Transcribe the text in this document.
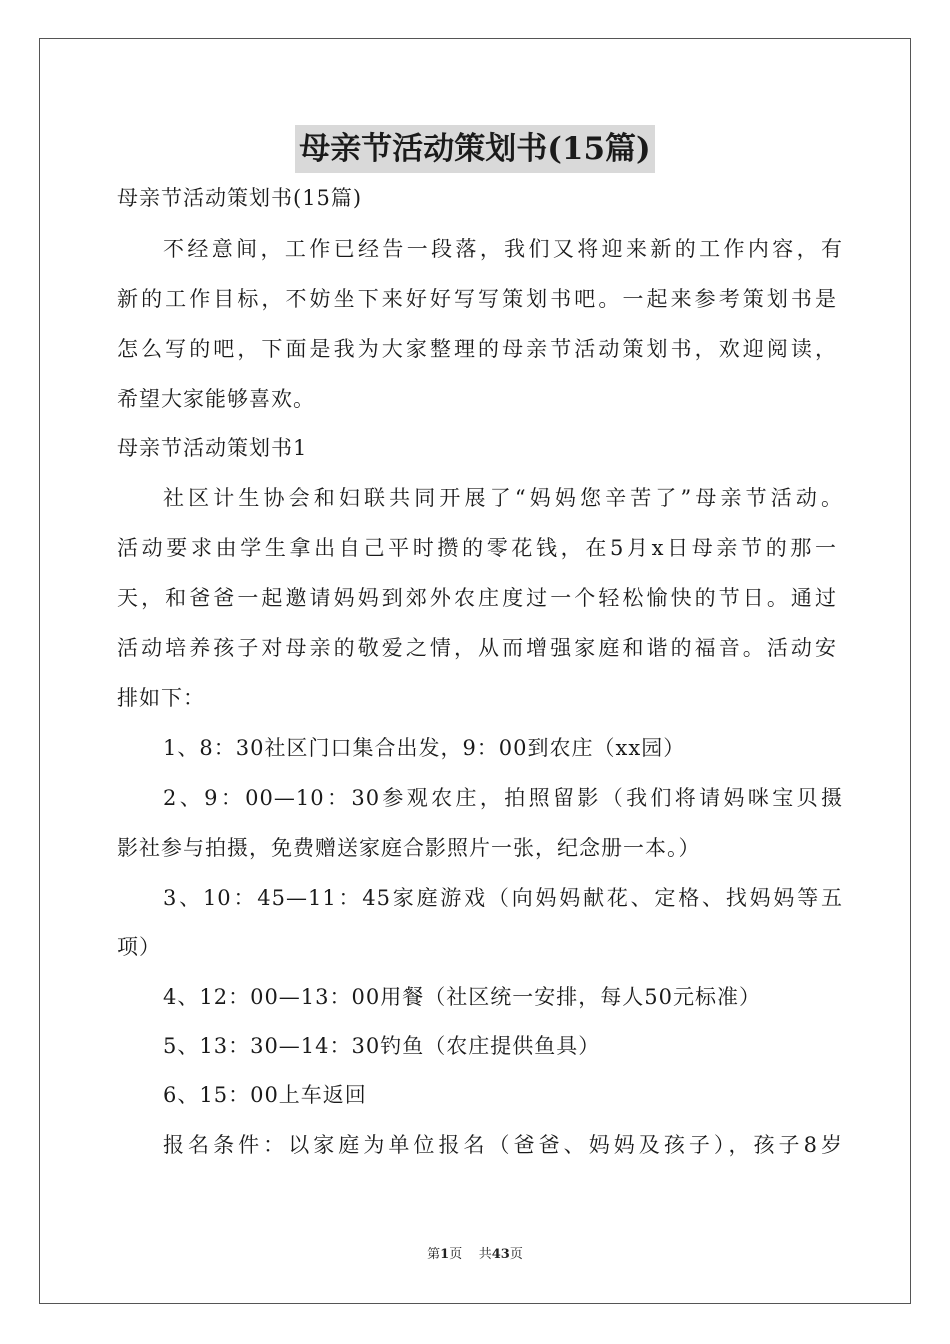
母亲节活动策划书(15篇)
母亲节活动策划书(15篇)
不经意间，工作已经告一段落，我们又将迎来新的工作内容，有
新的工作目标，不妨坐下来好好写写策划书吧。一起来参考策划书是
怎么写的吧，下面是我为大家整理的母亲节活动策划书，欢迎阅读，
希望大家能够喜欢。
母亲节活动策划书1
社区计生协会和妇联共同开展了“妈妈您辛苦了”母亲节活动。
活动要求由学生拿出自己平时攒的零花钱，在5月x日母亲节的那一
天，和爸爸一起邀请妈妈到郊外农庄度过一个轻松愉快的节日。通过
活动培养孩子对母亲的敬爱之情，从而增强家庭和谐的福音。活动安
排如下：
1、8：30社区门口集合出发，9：00到农庄（xx园）
2、9：00—10：30参观农庄，拍照留影（我们将请妈咪宝贝摄
影社参与拍摄，免费赠送家庭合影照片一张，纪念册一本。）
3、10：45—11：45家庭游戏（向妈妈献花、定格、找妈妈等五
项）
4、12：00—13：00用餐（社区统一安排，每人50元标准）
5、13：30—14：30钓鱼（农庄提供鱼具）
6、15：00上车返回
报名条件：以家庭为单位报名（爸爸、妈妈及孩子），孩子8岁
第1页 共43页
